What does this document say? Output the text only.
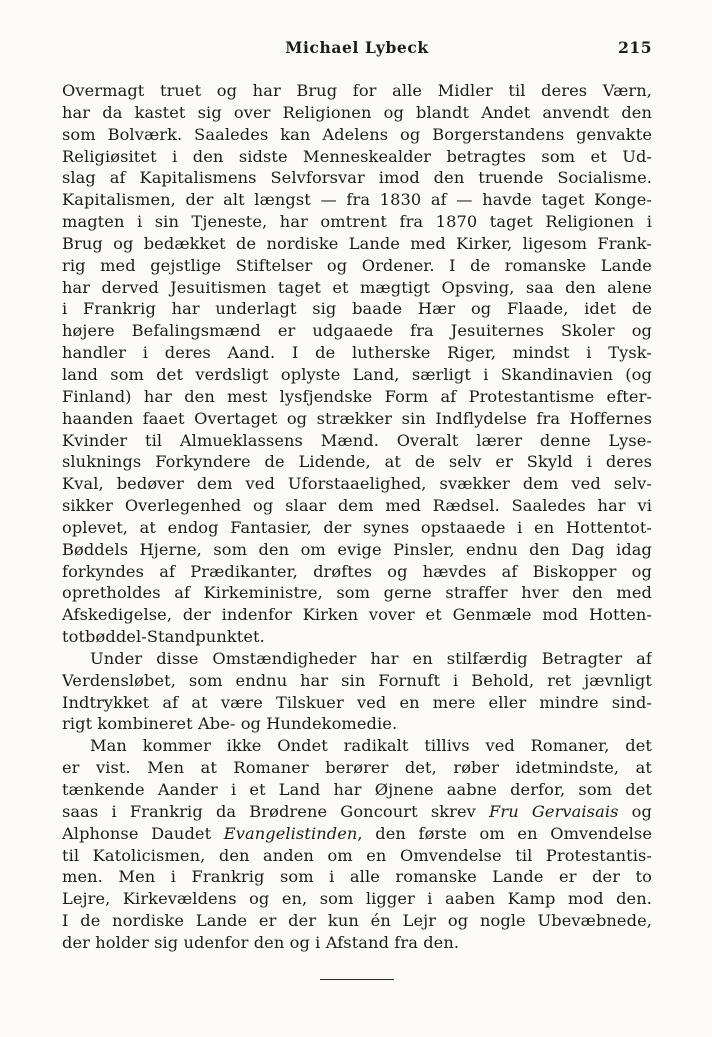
Michael Lybeck	215
Overmagt truet og har Brug for alle Midler til deres Værn,
har da kastet sig over Religionen og blandt Andet anvendt den
som Bolværk. Saaledes kan Adelens og Borgerstandens genvakte
Religiøsitet i den sidste Menneskealder betragtes som et Ud-
slag af Kapitalismens Selvforsvar imod den truende Socialisme.
Kapitalismen, der alt længst — fra 1830 af — havde taget Konge-
magten i sin Tjeneste, har omtrent fra 1870 taget Religionen i
Brug og bedækket de nordiske Lande med Kirker, ligesom Frank-
rig med gejstlige Stiftelser og Ordener. I de romanske Lande
har derved Jesuitismen taget et mægtigt Opsving, saa den alene
i Frankrig har underlagt sig baade Hær og Flaade, idet de
højere Befalingsmænd er udgaaede fra Jesuiternes Skoler og
handler i deres Aand. I de lutherske Riger, mindst i Tysk-
land som det verdsligt oplyste Land, særligt i Skandinavien (og
Finland) har den mest lysfjendske Form af Protestantisme efter-
haanden faaet Overtaget og strækker sin Indflydelse fra Hoffernes
Kvinder til Almueklassens Mænd. Overalt lærer denne Lyse-
sluknings Forkyndere de Lidende, at de selv er Skyld i deres
Kval, bedøver dem ved Uforstaaelighed, svækker dem ved selv-
sikker Overlegenhed og slaar dem med Rædsel. Saaledes har vi
oplevet, at endog Fantasier, der synes opstaaede i en Hottentot-
Bøddels Hjerne, som den om evige Pinsler, endnu den Dag idag
forkyndes af Prædikanter, drøftes og hævdes af Biskopper og
opretholdes af Kirkeministre, som gerne straffer hver den med
Afskedigelse, der indenfor Kirken vover et Genmæle mod Hotten-
totbøddel-Standpunktet.
Under disse Omstændigheder har en stilfærdig Betragter af
Verdensløbet, som endnu har sin Fornuft i Behold, ret jævnligt
Indtrykket af at være Tilskuer ved en mere eller mindre sind-
rigt kombineret Abe- og Hundekomedie.
Man kommer ikke Ondet radikalt tillivs ved Romaner, det
er vist. Men at Romaner berører det, røber idetmindste, at
tænkende Aander i et Land har Øjnene aabne derfor, som det
saas i Frankrig da Brødrene Goncourt skrev Fru Gervaisais og
Alphonse Daudet Evangelistinden, den første om en Omvendelse
til Katolicismen, den anden om en Omvendelse til Protestantis-
men. Men i Frankrig som i alle romanske Lande er der to
Lejre, Kirkevældens og en, som ligger i aaben Kamp mod den.
I de nordiske Lande er der kun én Lejr og nogle Ubevæbnede,
der holder sig udenfor den og i Afstand fra den.
